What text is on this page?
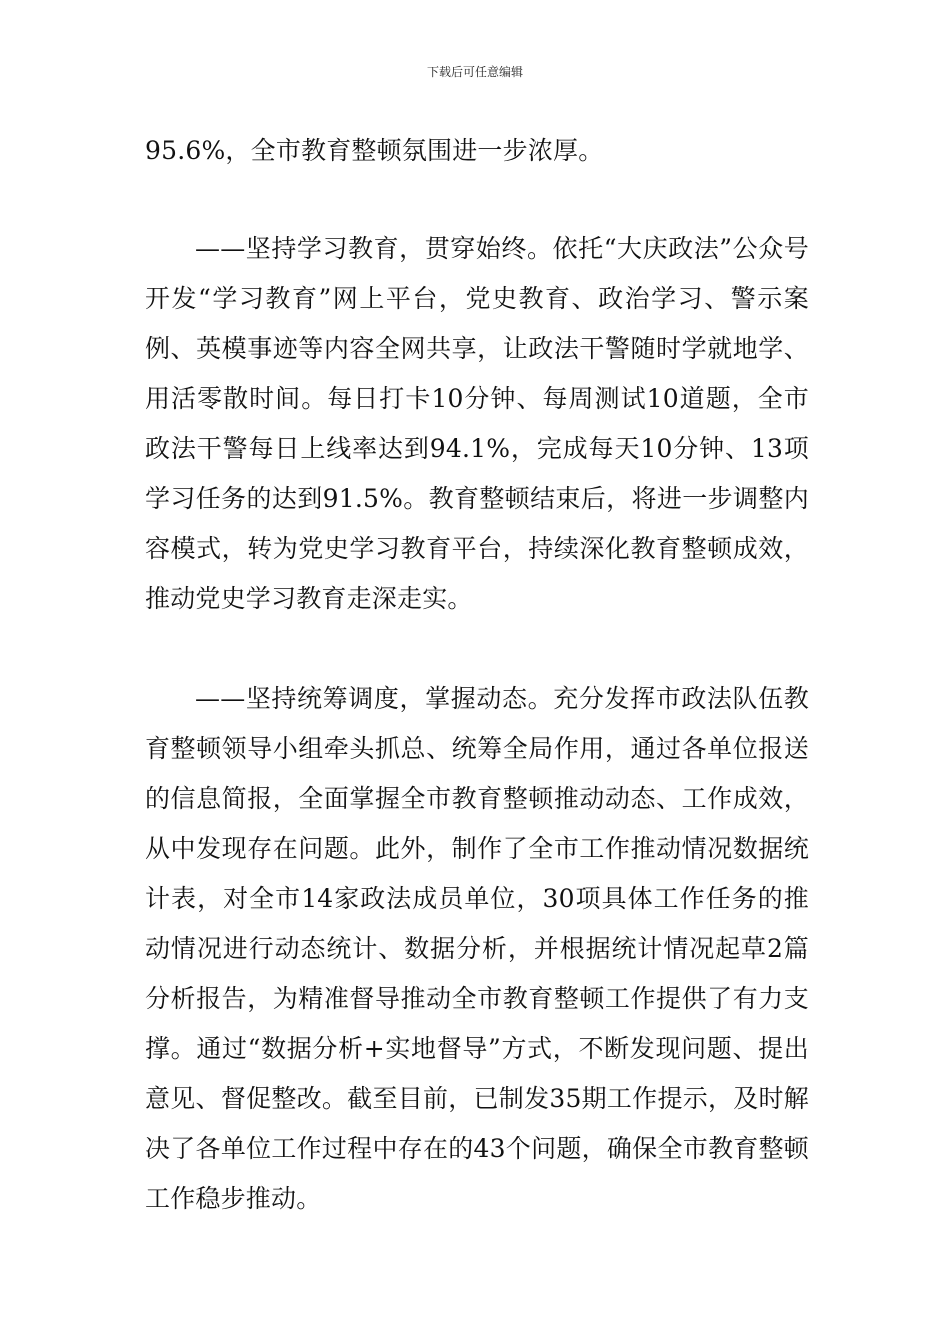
下载后可任意编辑

95.6%，全市教育整顿氛围进一步浓厚。

——坚持学习教育，贯穿始终。依托“大庆政法”公众号开发“学习教育”网上平台，党史教育、政治学习、警示案例、英模事迹等内容全网共享，让政法干警随时学就地学、用活零散时间。每日打卡10分钟、每周测试10道题，全市政法干警每日上线率达到94.1%，完成每天10分钟、13项学习任务的达到91.5%。教育整顿结束后，将进一步调整内容模式，转为党史学习教育平台，持续深化教育整顿成效，推动党史学习教育走深走实。

——坚持统筹调度，掌握动态。充分发挥市政法队伍教育整顿领导小组牵头抓总、统筹全局作用，通过各单位报送的信息简报，全面掌握全市教育整顿推动动态、工作成效，从中发现存在问题。此外，制作了全市工作推动情况数据统计表，对全市14家政法成员单位，30项具体工作任务的推动情况进行动态统计、数据分析，并根据统计情况起草2篇分析报告，为精准督导推动全市教育整顿工作提供了有力支撑。通过“数据分析+实地督导”方式，不断发现问题、提出意见、督促整改。截至目前，已制发35期工作提示，及时解决了各单位工作过程中存在的43个问题，确保全市教育整顿工作稳步推动。
